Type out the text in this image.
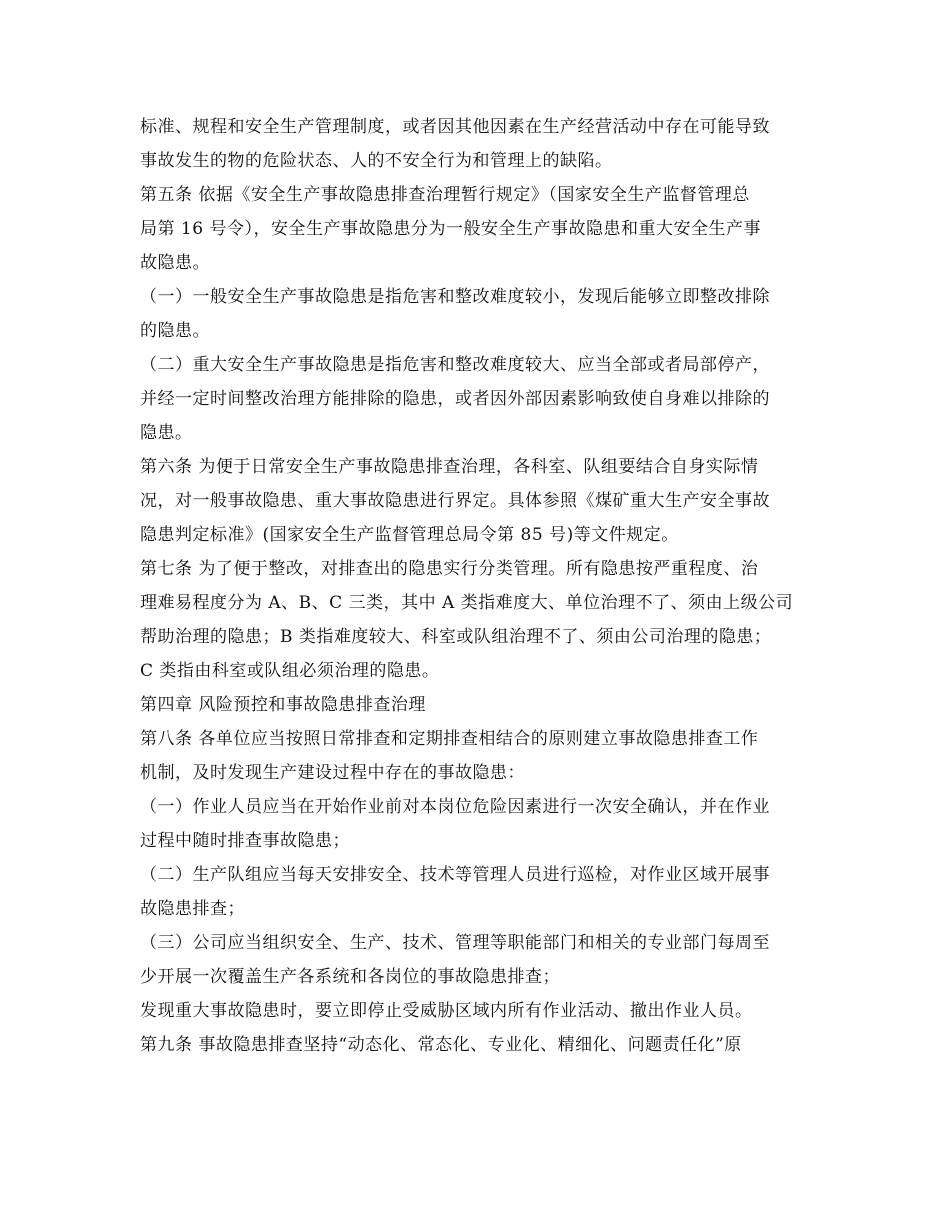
标准、规程和安全生产管理制度，或者因其他因素在生产经营活动中存在可能导致
事故发生的物的危险状态、人的不安全行为和管理上的缺陷。
第五条 依据《安全生产事故隐患排查治理暂行规定》（国家安全生产监督管理总
局第 16 号令），安全生产事故隐患分为一般安全生产事故隐患和重大安全生产事
故隐患。
（一）一般安全生产事故隐患是指危害和整改难度较小，发现后能够立即整改排除
的隐患。
（二）重大安全生产事故隐患是指危害和整改难度较大、应当全部或者局部停产，
并经一定时间整改治理方能排除的隐患，或者因外部因素影响致使自身难以排除的
隐患。
第六条 为便于日常安全生产事故隐患排查治理，各科室、队组要结合自身实际情
况，对一般事故隐患、重大事故隐患进行界定。具体参照《煤矿重大生产安全事故
隐患判定标准》(国家安全生产监督管理总局令第 85 号)等文件规定。
第七条 为了便于整改，对排查出的隐患实行分类管理。所有隐患按严重程度、治
理难易程度分为 A、B、C 三类，其中 A 类指难度大、单位治理不了、须由上级公司
帮助治理的隐患；B 类指难度较大、科室或队组治理不了、须由公司治理的隐患；
C 类指由科室或队组必须治理的隐患。
第四章 风险预控和事故隐患排查治理
第八条 各单位应当按照日常排查和定期排查相结合的原则建立事故隐患排查工作
机制，及时发现生产建设过程中存在的事故隐患：
（一）作业人员应当在开始作业前对本岗位危险因素进行一次安全确认，并在作业
过程中随时排查事故隐患；
（二）生产队组应当每天安排安全、技术等管理人员进行巡检，对作业区域开展事
故隐患排查；
（三）公司应当组织安全、生产、技术、管理等职能部门和相关的专业部门每周至
少开展一次覆盖生产各系统和各岗位的事故隐患排查；
发现重大事故隐患时，要立即停止受威胁区域内所有作业活动、撤出作业人员。
第九条 事故隐患排查坚持“动态化、常态化、专业化、精细化、问题责任化”原
